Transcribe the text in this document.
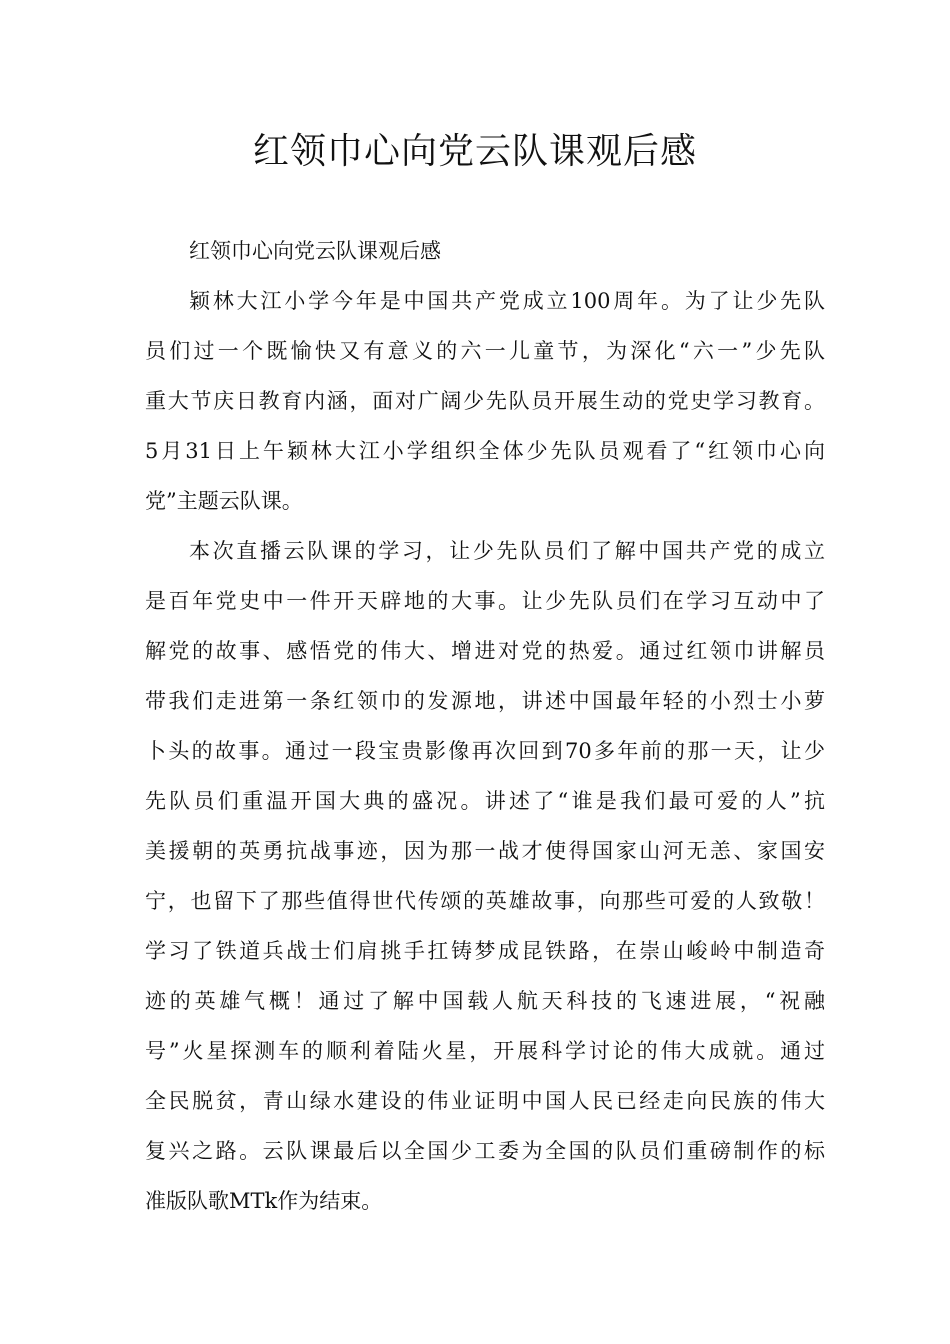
红领巾心向党云队课观后感
红领巾心向党云队课观后感
颖林大江小学今年是中国共产党成立100周年。为了让少先队
员们过一个既愉快又有意义的六一儿童节，为深化“六一”少先队
重大节庆日教育内涵，面对广阔少先队员开展生动的党史学习教育。
5月31日上午颖林大江小学组织全体少先队员观看了“红领巾心向
党”主题云队课。
本次直播云队课的学习，让少先队员们了解中国共产党的成立
是百年党史中一件开天辟地的大事。让少先队员们在学习互动中了
解党的故事、感悟党的伟大、增进对党的热爱。通过红领巾讲解员
带我们走进第一条红领巾的发源地，讲述中国最年轻的小烈士小萝
卜头的故事。通过一段宝贵影像再次回到70多年前的那一天，让少
先队员们重温开国大典的盛况。讲述了“谁是我们最可爱的人”抗
美援朝的英勇抗战事迹，因为那一战才使得国家山河无恙、家国安
宁，也留下了那些值得世代传颂的英雄故事，向那些可爱的人致敬！
学习了铁道兵战士们肩挑手扛铸梦成昆铁路，在崇山峻岭中制造奇
迹的英雄气概！通过了解中国载人航天科技的飞速进展，“祝融
号”火星探测车的顺利着陆火星，开展科学讨论的伟大成就。通过
全民脱贫，青山绿水建设的伟业证明中国人民已经走向民族的伟大
复兴之路。云队课最后以全国少工委为全国的队员们重磅制作的标
准版队歌MTk作为结束。
